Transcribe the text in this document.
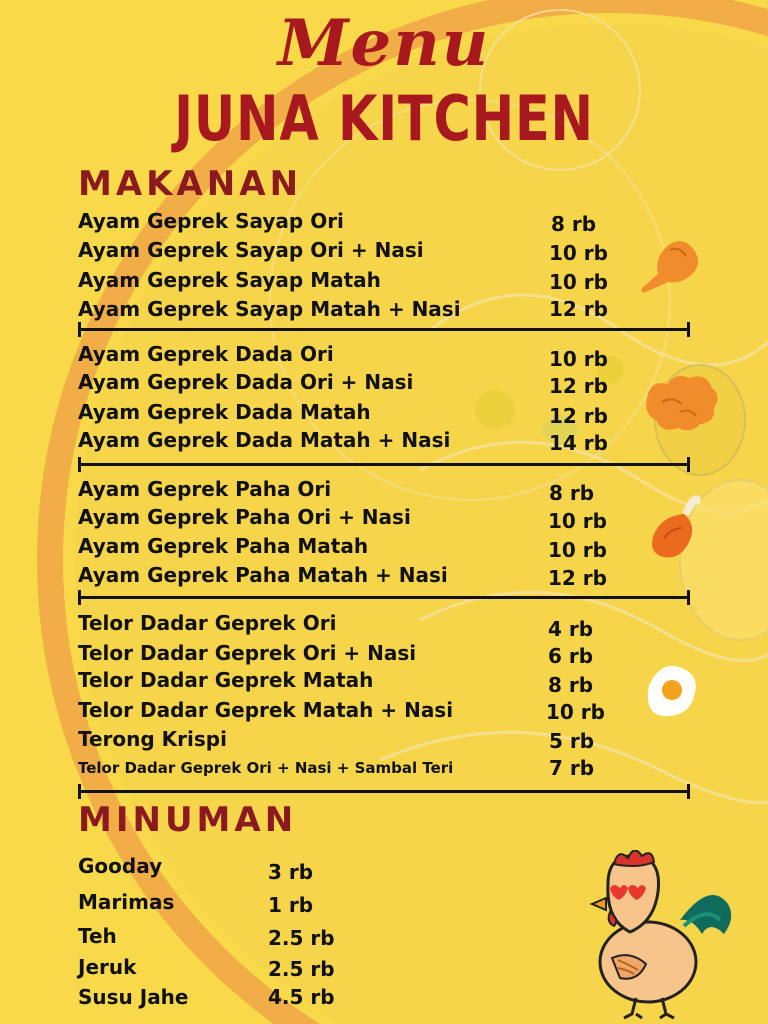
Menu
JUNA KITCHEN
MAKANAN
Ayam Geprek Sayap Ori	8 rb
Ayam Geprek Sayap Ori + Nasi	10 rb
Ayam Geprek Sayap Matah	10 rb
Ayam Geprek Sayap Matah + Nasi	12 rb
Ayam Geprek Dada Ori	10 rb
Ayam Geprek Dada Ori + Nasi	12 rb
Ayam Geprek Dada Matah	12 rb
Ayam Geprek Dada Matah + Nasi	14 rb
Ayam Geprek Paha Ori	8 rb
Ayam Geprek Paha Ori + Nasi	10 rb
Ayam Geprek Paha Matah	10 rb
Ayam Geprek Paha Matah + Nasi	12 rb
Telor Dadar Geprek Ori	4 rb
Telor Dadar Geprek Ori + Nasi	6 rb
Telor Dadar Geprek Matah	8 rb
Telor Dadar Geprek Matah + Nasi	10 rb
Terong Krispi	5 rb
Telor Dadar Geprek Ori + Nasi + Sambal Teri	7 rb
MINUMAN
Gooday	3 rb
Marimas	1 rb
Teh	2.5 rb
Jeruk	2.5 rb
Susu Jahe	4.5 rb
